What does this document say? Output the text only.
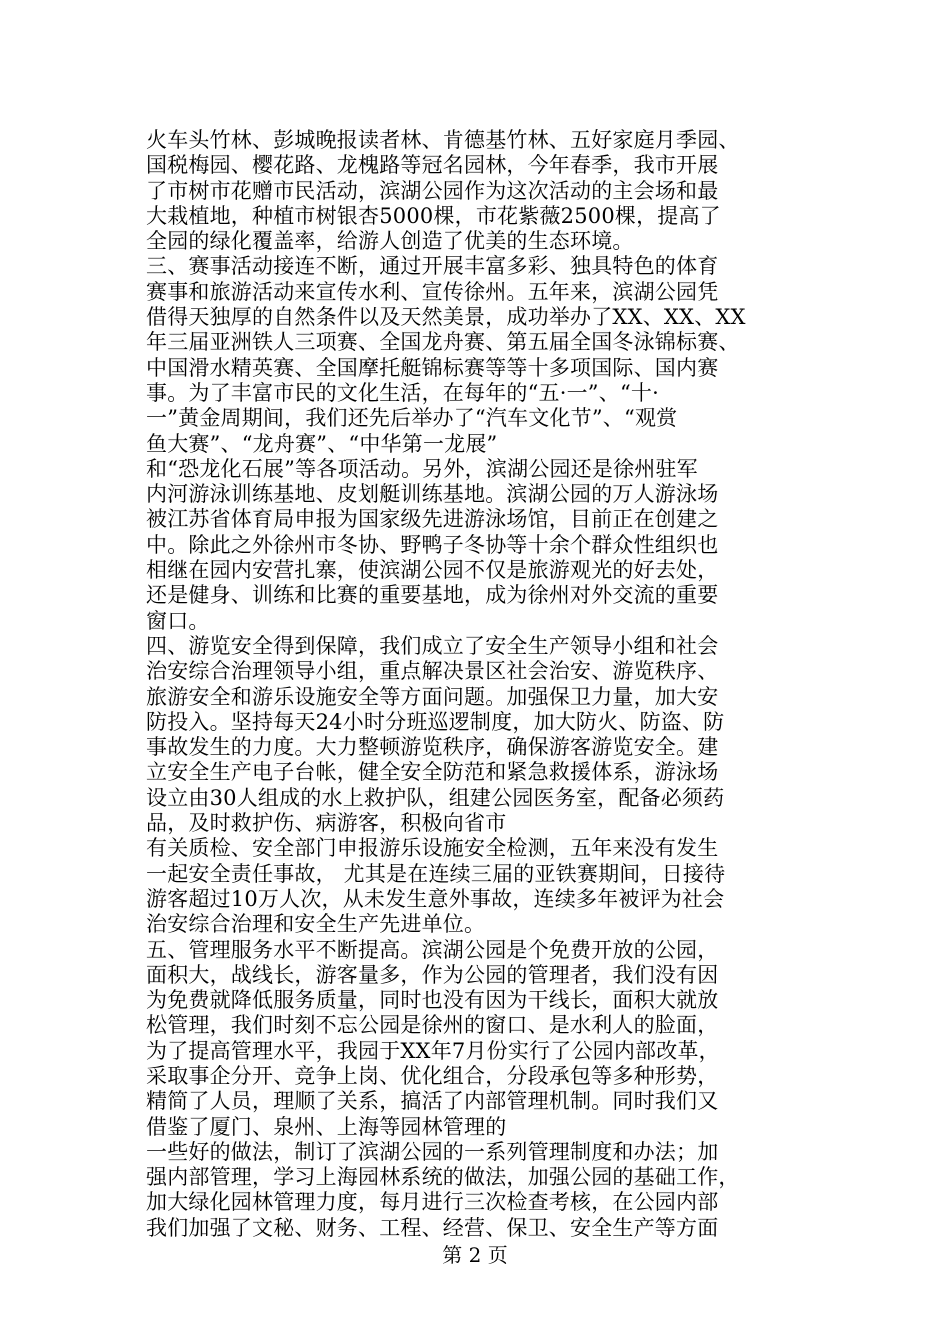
火车头竹林、彭城晚报读者林、肯德基竹林、五好家庭月季园、
国税梅园、樱花路、龙槐路等冠名园林，今年春季，我市开展
了市树市花赠市民活动，滨湖公园作为这次活动的主会场和最
大栽植地，种植市树银杏5000棵，市花紫薇2500棵，提高了
全园的绿化覆盖率，给游人创造了优美的生态环境。
三、赛事活动接连不断，通过开展丰富多彩、独具特色的体育
赛事和旅游活动来宣传水利、宣传徐州。五年来，滨湖公园凭
借得天独厚的自然条件以及天然美景，成功举办了XX、XX、XX
年三届亚洲铁人三项赛、全国龙舟赛、第五届全国冬泳锦标赛、
中国滑水精英赛、全国摩托艇锦标赛等等十多项国际、国内赛
事。为了丰富市民的文化生活，在每年的“五·一”、“十·
一”黄金周期间，我们还先后举办了“汽车文化节”、“观赏
鱼大赛”、“龙舟赛”、“中华第一龙展”
和“恐龙化石展”等各项活动。另外，滨湖公园还是徐州驻军
内河游泳训练基地、皮划艇训练基地。滨湖公园的万人游泳场
被江苏省体育局申报为国家级先进游泳场馆，目前正在创建之
中。除此之外徐州市冬协、野鸭子冬协等十余个群众性组织也
相继在园内安营扎寨，使滨湖公园不仅是旅游观光的好去处，
还是健身、训练和比赛的重要基地，成为徐州对外交流的重要
窗口。
四、游览安全得到保障，我们成立了安全生产领导小组和社会
治安综合治理领导小组，重点解决景区社会治安、游览秩序、
旅游安全和游乐设施安全等方面问题。加强保卫力量，加大安
防投入。坚持每天24小时分班巡逻制度，加大防火、防盗、防
事故发生的力度。大力整顿游览秩序，确保游客游览安全。建
立安全生产电子台帐，健全安全防范和紧急救援体系，游泳场
设立由30人组成的水上救护队，组建公园医务室，配备必须药
品，及时救护伤、病游客，积极向省市
有关质检、安全部门申报游乐设施安全检测，五年来没有发生
一起安全责任事故， 尤其是在连续三届的亚铁赛期间，日接待
游客超过10万人次，从未发生意外事故，连续多年被评为社会
治安综合治理和安全生产先进单位。
五、管理服务水平不断提高。滨湖公园是个免费开放的公园，
面积大，战线长，游客量多，作为公园的管理者，我们没有因
为免费就降低服务质量，同时也没有因为干线长，面积大就放
松管理，我们时刻不忘公园是徐州的窗口、是水利人的脸面，
为了提高管理水平，我园于XX年7月份实行了公园内部改革，
采取事企分开、竞争上岗、优化组合，分段承包等多种形势，
精简了人员，理顺了关系，搞活了内部管理机制。同时我们又
借鉴了厦门、泉州、上海等园林管理的
一些好的做法，制订了滨湖公园的一系列管理制度和办法；加
强内部管理，学习上海园林系统的做法，加强公园的基础工作，
加大绿化园林管理力度，每月进行三次检查考核，在公园内部
我们加强了文秘、财务、工程、经营、保卫、安全生产等方面
第 2 页
